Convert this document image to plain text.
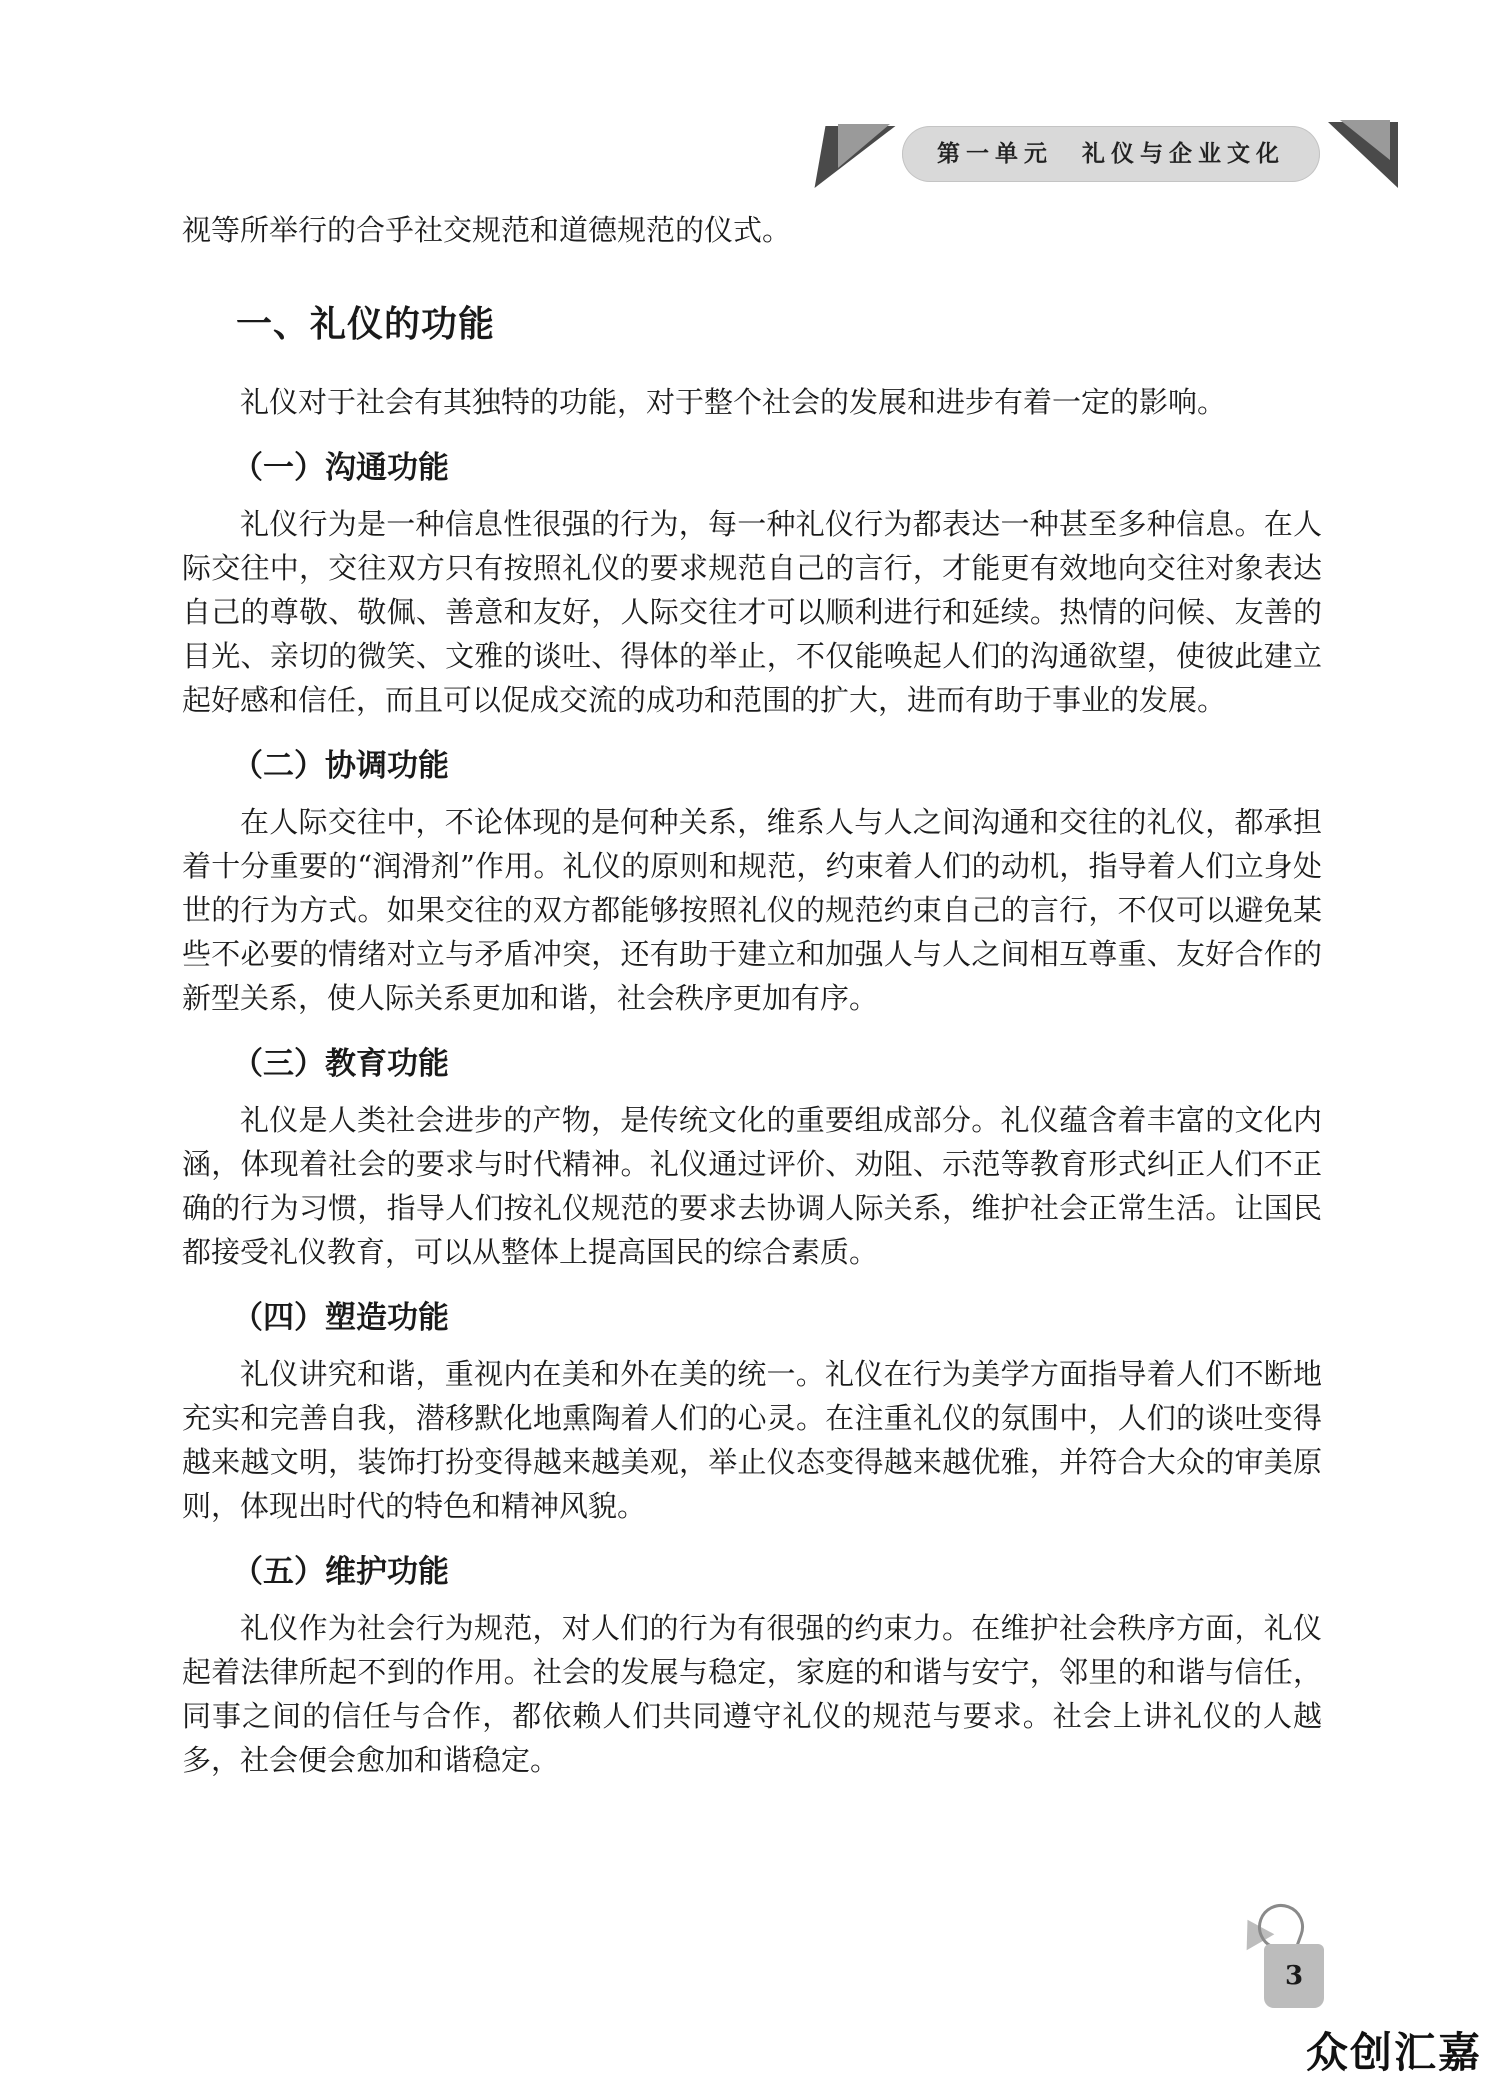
第一单元　礼仪与企业文化

视等所举行的合乎社交规范和道德规范的仪式。

一、礼仪的功能

礼仪对于社会有其独特的功能，对于整个社会的发展和进步有着一定的影响。

（一）沟通功能

礼仪行为是一种信息性很强的行为，每一种礼仪行为都表达一种甚至多种信息。在人际交往中，交往双方只有按照礼仪的要求规范自己的言行，才能更有效地向交往对象表达自己的尊敬、敬佩、善意和友好，人际交往才可以顺利进行和延续。热情的问候、友善的目光、亲切的微笑、文雅的谈吐、得体的举止，不仅能唤起人们的沟通欲望，使彼此建立起好感和信任，而且可以促成交流的成功和范围的扩大，进而有助于事业的发展。

（二）协调功能

在人际交往中，不论体现的是何种关系，维系人与人之间沟通和交往的礼仪，都承担着十分重要的“润滑剂”作用。礼仪的原则和规范，约束着人们的动机，指导着人们立身处世的行为方式。如果交往的双方都能够按照礼仪的规范约束自己的言行，不仅可以避免某些不必要的情绪对立与矛盾冲突，还有助于建立和加强人与人之间相互尊重、友好合作的新型关系，使人际关系更加和谐，社会秩序更加有序。

（三）教育功能

礼仪是人类社会进步的产物，是传统文化的重要组成部分。礼仪蕴含着丰富的文化内涵，体现着社会的要求与时代精神。礼仪通过评价、劝阻、示范等教育形式纠正人们不正确的行为习惯，指导人们按礼仪规范的要求去协调人际关系，维护社会正常生活。让国民都接受礼仪教育，可以从整体上提高国民的综合素质。

（四）塑造功能

礼仪讲究和谐，重视内在美和外在美的统一。礼仪在行为美学方面指导着人们不断地充实和完善自我，潜移默化地熏陶着人们的心灵。在注重礼仪的氛围中，人们的谈吐变得越来越文明，装饰打扮变得越来越美观，举止仪态变得越来越优雅，并符合大众的审美原则，体现出时代的特色和精神风貌。

（五）维护功能

礼仪作为社会行为规范，对人们的行为有很强的约束力。在维护社会秩序方面，礼仪起着法律所起不到的作用。社会的发展与稳定，家庭的和谐与安宁，邻里的和谐与信任，同事之间的信任与合作，都依赖人们共同遵守礼仪的规范与要求。社会上讲礼仪的人越多，社会便会愈加和谐稳定。

3
众创汇嘉
